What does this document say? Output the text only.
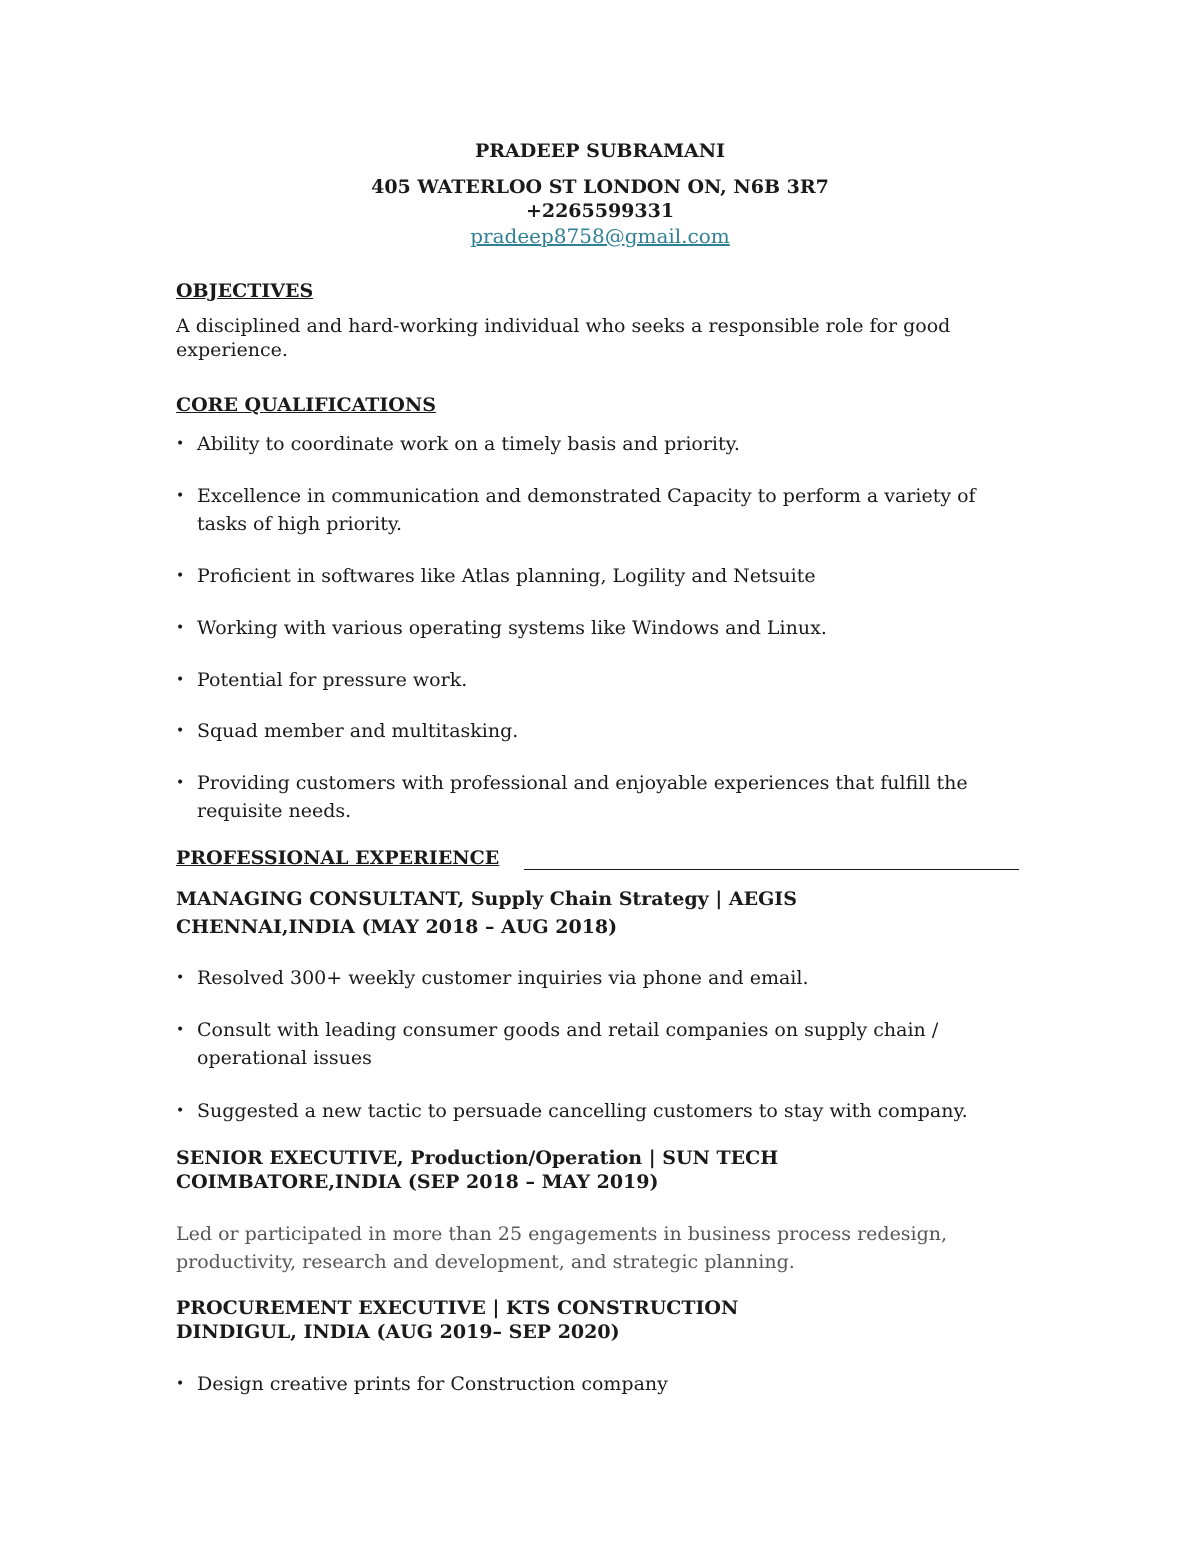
PRADEEP SUBRAMANI
405 WATERLOO ST LONDON ON, N6B 3R7
+2265599331
pradeep8758@gmail.com
OBJECTIVES
A disciplined and hard-working individual who seeks a responsible role for good experience.
CORE QUALIFICATIONS
• Ability to coordinate work on a timely basis and priority.
• Excellence in communication and demonstrated Capacity to perform a variety of tasks of high priority.
• Proficient in softwares like Atlas planning, Logility and Netsuite
• Working with various operating systems like Windows and Linux.
• Potential for pressure work.
• Squad member and multitasking.
• Providing customers with professional and enjoyable experiences that fulfill the requisite needs.
PROFESSIONAL EXPERIENCE
MANAGING CONSULTANT, Supply Chain Strategy | AEGIS
CHENNAI,INDIA (MAY 2018 – AUG 2018)
• Resolved 300+ weekly customer inquiries via phone and email.
• Consult with leading consumer goods and retail companies on supply chain / operational issues
• Suggested a new tactic to persuade cancelling customers to stay with company.
SENIOR EXECUTIVE, Production/Operation | SUN TECH
COIMBATORE,INDIA (SEP 2018 – MAY 2019)
Led or participated in more than 25 engagements in business process redesign, productivity, research and development, and strategic planning.
PROCUREMENT EXECUTIVE | KTS CONSTRUCTION
DINDIGUL, INDIA (AUG 2019– SEP 2020)
• Design creative prints for Construction company
